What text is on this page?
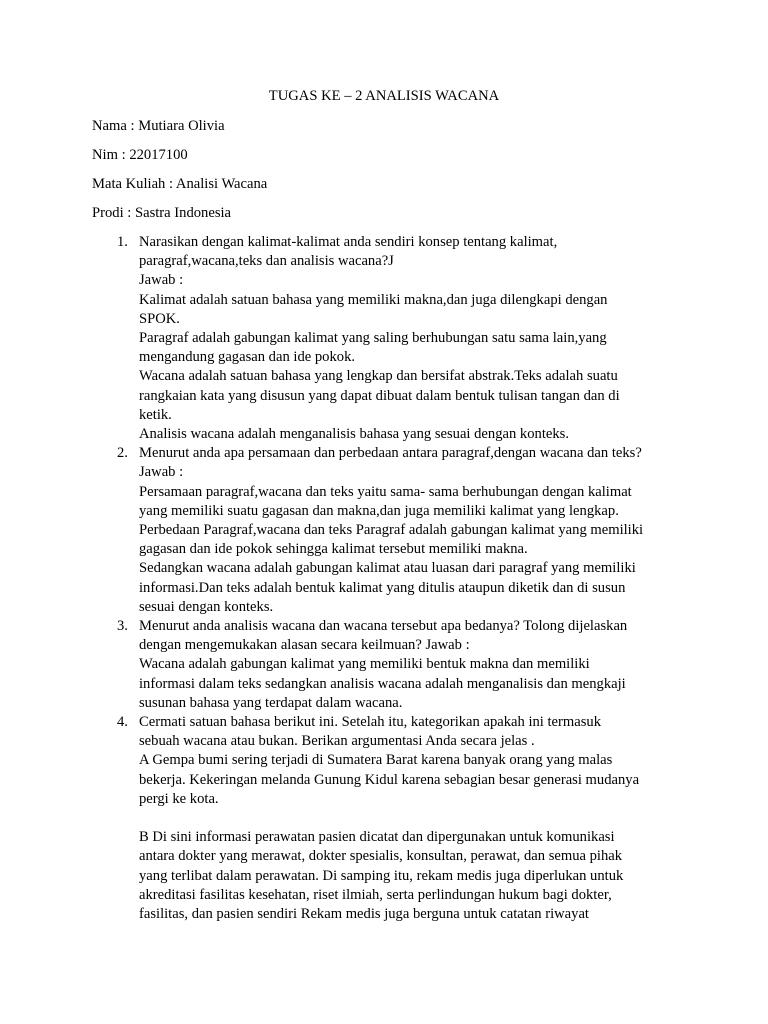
TUGAS KE – 2 ANALISIS WACANA
Nama : Mutiara Olivia
Nim : 22017100
Mata Kuliah : Analisi Wacana
Prodi : Sastra Indonesia
1. Narasikan dengan kalimat-kalimat anda sendiri konsep tentang kalimat,
paragraf,wacana,teks dan analisis wacana?J
Jawab :
Kalimat adalah satuan bahasa yang memiliki makna,dan juga dilengkapi dengan
SPOK.
Paragraf adalah gabungan kalimat yang saling berhubungan satu sama lain,yang
mengandung gagasan dan ide pokok.
Wacana adalah satuan bahasa yang lengkap dan bersifat abstrak.Teks adalah suatu
rangkaian kata yang disusun yang dapat dibuat dalam bentuk tulisan tangan dan di
ketik.
Analisis wacana adalah menganalisis bahasa yang sesuai dengan konteks.
2. Menurut anda apa persamaan dan perbedaan antara paragraf,dengan wacana dan teks?
Jawab :
Persamaan paragraf,wacana dan teks yaitu sama- sama berhubungan dengan kalimat
yang memiliki suatu gagasan dan makna,dan juga memiliki kalimat yang lengkap.
Perbedaan Paragraf,wacana dan teks Paragraf adalah gabungan kalimat yang memiliki
gagasan dan ide pokok sehingga kalimat tersebut memiliki makna.
Sedangkan wacana adalah gabungan kalimat atau luasan dari paragraf yang memiliki
informasi.Dan teks adalah bentuk kalimat yang ditulis ataupun diketik dan di susun
sesuai dengan konteks.
3. Menurut anda analisis wacana dan wacana tersebut apa bedanya? Tolong dijelaskan
dengan mengemukakan alasan secara keilmuan? Jawab :
Wacana adalah gabungan kalimat yang memiliki bentuk makna dan memiliki
informasi dalam teks sedangkan analisis wacana adalah menganalisis dan mengkaji
susunan bahasa yang terdapat dalam wacana.
4. Cermati satuan bahasa berikut ini. Setelah itu, kategorikan apakah ini termasuk
sebuah wacana atau bukan. Berikan argumentasi Anda secara jelas .
A Gempa bumi sering terjadi di Sumatera Barat karena banyak orang yang malas
bekerja. Kekeringan melanda Gunung Kidul karena sebagian besar generasi mudanya
pergi ke kota.
B Di sini informasi perawatan pasien dicatat dan dipergunakan untuk komunikasi
antara dokter yang merawat, dokter spesialis, konsultan, perawat, dan semua pihak
yang terlibat dalam perawatan. Di samping itu, rekam medis juga diperlukan untuk
akreditasi fasilitas kesehatan, riset ilmiah, serta perlindungan hukum bagi dokter,
fasilitas, dan pasien sendiri Rekam medis juga berguna untuk catatan riwayat
